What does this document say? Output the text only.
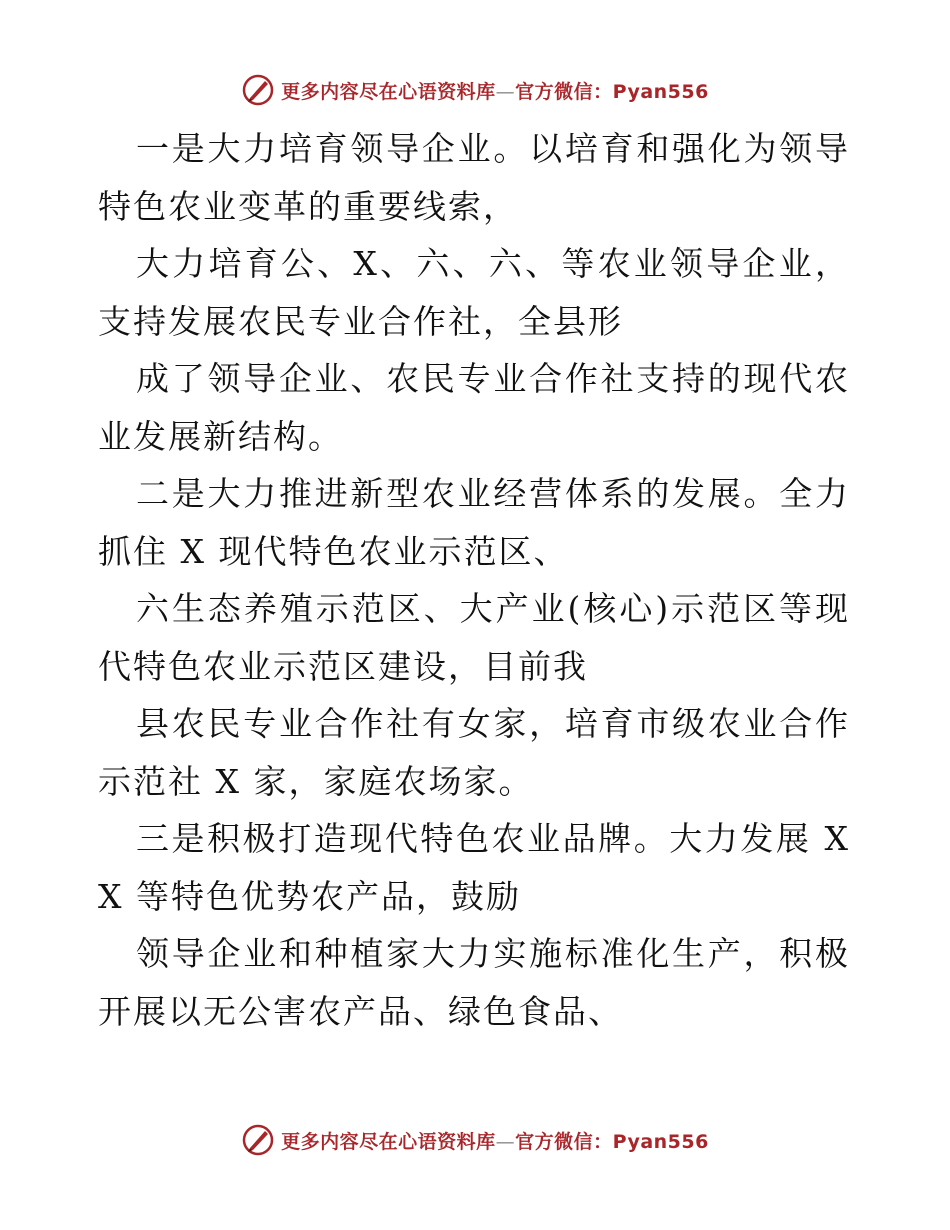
更多内容尽在心语资料库—官方微信：Pyan556

一是大力培育领导企业。以培育和强化为领导特色农业变革的重要线索，

大力培育公、X、六、六、等农业领导企业，支持发展农民专业合作社，全县形

成了领导企业、农民专业合作社支持的现代农业发展新结构。

二是大力推进新型农业经营体系的发展。全力抓住 X 现代特色农业示范区、

六生态养殖示范区、大产业(核心)示范区等现代特色农业示范区建设，目前我

县农民专业合作社有女家，培育市级农业合作示范社 X 家，家庭农场家。

三是积极打造现代特色农业品牌。大力发展 XX 等特色优势农产品，鼓励

领导企业和种植家大力实施标准化生产，积极开展以无公害农产品、绿色食品、

更多内容尽在心语资料库—官方微信：Pyan556
